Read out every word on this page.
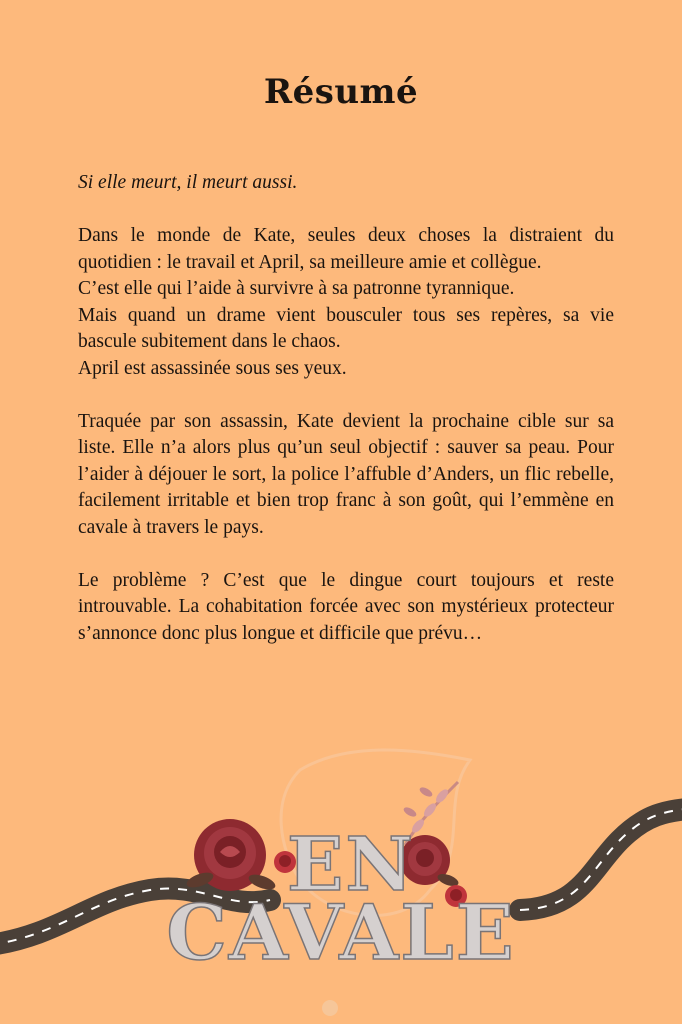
Résumé

Si elle meurt, il meurt aussi.

Dans le monde de Kate, seules deux choses la distraient du quotidien : le travail et April, sa meilleure amie et collègue.

C’est elle qui l’aide à survivre à sa patronne tyrannique.

Mais quand un drame vient bousculer tous ses repères, sa vie bascule subitement dans le chaos.

April est assassinée sous ses yeux.

Traquée par son assassin, Kate devient la prochaine cible sur sa liste. Elle n’a alors plus qu’un seul objectif : sauver sa peau. Pour l’aider à déjouer le sort, la police l’affuble d’Anders, un flic rebelle, facilement irritable et bien trop franc à son goût, qui l’emmène en cavale à travers le pays.

Le problème ? C’est que le dingue court toujours et reste introuvable. La cohabitation forcée avec son mystérieux protecteur s’annonce donc plus longue et difficile que prévu…

EN
CAVALE
